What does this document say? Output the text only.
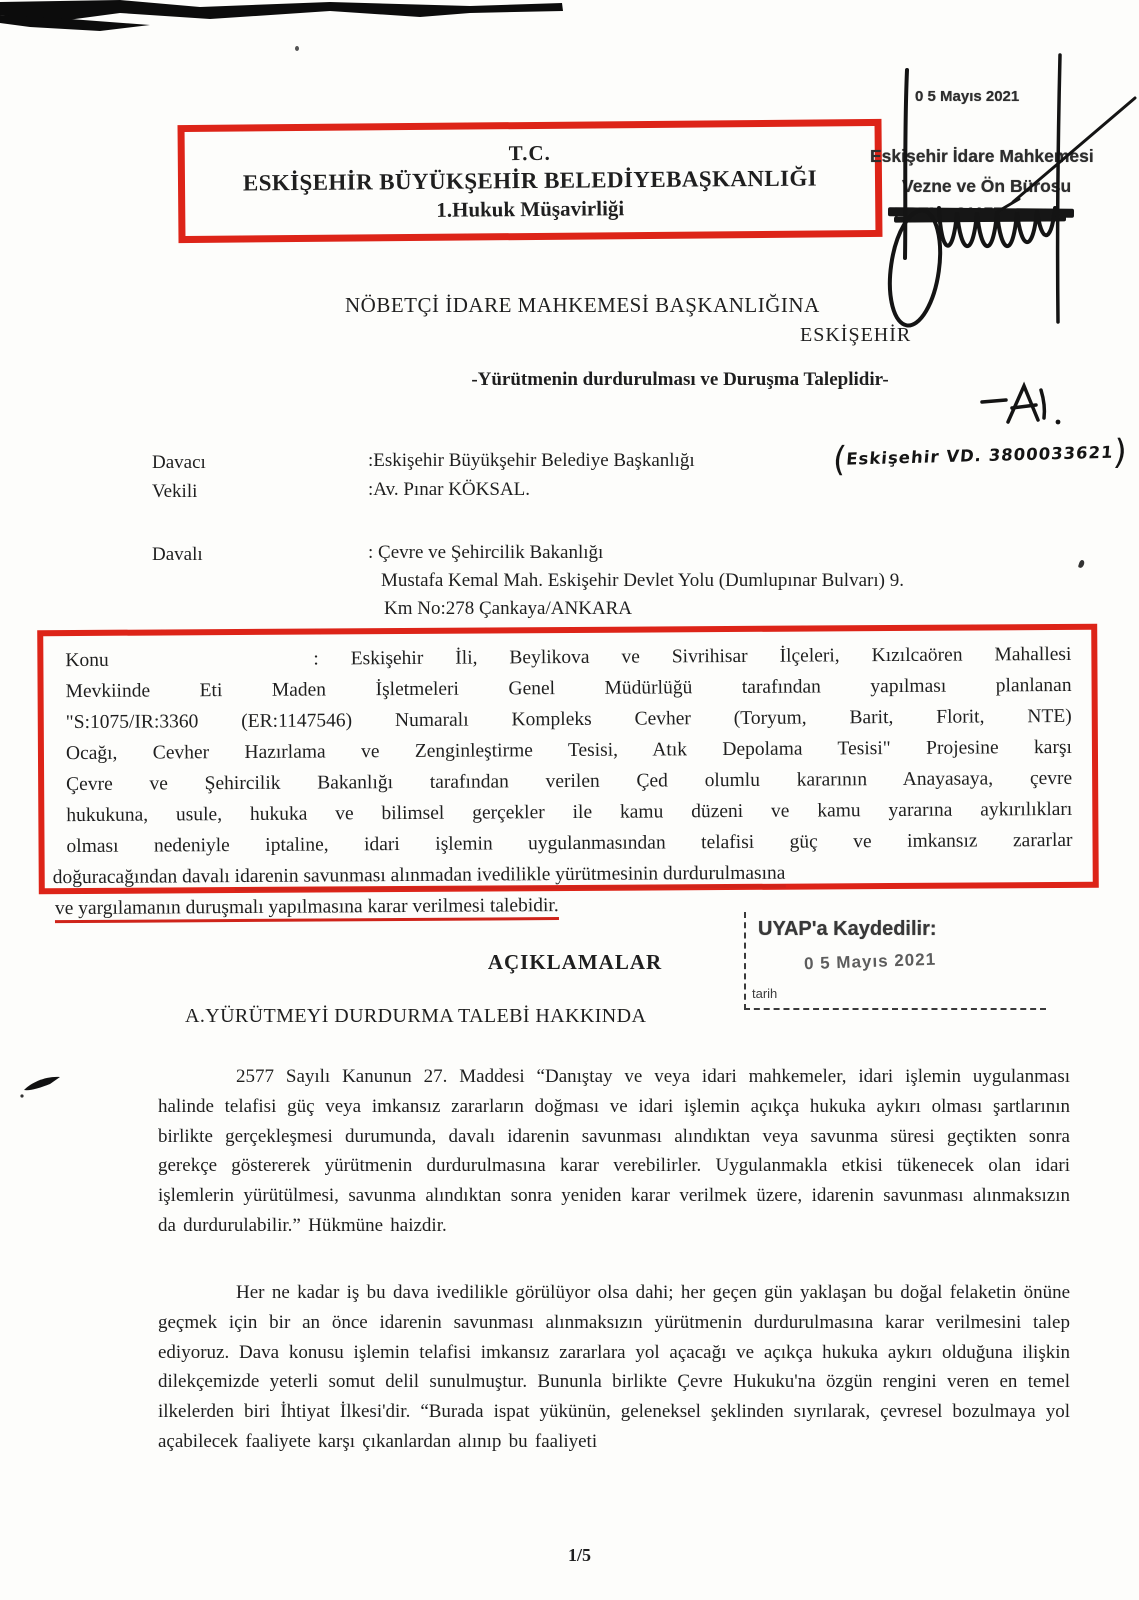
T.C.
ESKİŞEHİR BÜYÜKŞEHİR BELEDİYEBAŞKANLIĞI
1.Hukuk Müşavirliği
0 5 Mayıs 2021
Eskişehir İdare Mahkemesi
Vezne ve Ön Bürosu
NÖBETÇİ İDARE MAHKEMESİ BAŞKANLIĞINA
ESKİŞEHİR
-Yürütmenin durdurulması ve Duruşma Taleplidir-
Davacı	:Eskişehir Büyükşehir Belediye Başkanlığı	(Eskişehir VD. 3800033621)
Vekili	:Av. Pınar KÖKSAL.
Davalı	: Çevre ve Şehircilik Bakanlığı
Mustafa Kemal Mah. Eskişehir Devlet Yolu (Dumlupınar Bulvarı) 9.
Km No:278 Çankaya/ANKARA
Konu	: Eskişehir İli, Beylikova ve Sivrihisar İlçeleri, Kızılcaören Mahallesi
Mevkiinde Eti Maden İşletmeleri Genel Müdürlüğü tarafından yapılması planlanan
"S:1075/IR:3360 (ER:1147546) Numaralı Kompleks Cevher (Toryum, Barit, Florit, NTE)
Ocağı, Cevher Hazırlama ve Zenginleştirme Tesisi, Atık Depolama Tesisi" Projesine karşı
Çevre ve Şehircilik Bakanlığı tarafından verilen Çed olumlu kararının Anayasaya, çevre
hukukuna, usule, hukuka ve bilimsel gerçekler ile kamu düzeni ve kamu yararına aykırılıkları
olması nedeniyle iptaline, idari işlemin uygulanmasından telafisi güç ve imkansız zararlar
doğuracağından davalı idarenin savunması alınmadan ivedilikle yürütmesinin durdurulmasına
ve yargılamanın duruşmalı yapılmasına karar verilmesi talebidir.
UYAP'a Kaydedilir:
0 5 Mayıs 2021
tarih
AÇIKLAMALAR
A.YÜRÜTMEYİ DURDURMA TALEBİ HAKKINDA
2577 Sayılı Kanunun 27. Maddesi “Danıştay ve veya idari mahkemeler, idari işlemin uygulanması halinde telafisi güç veya imkansız zararların doğması ve idari işlemin açıkça hukuka aykırı olması şartlarının birlikte gerçekleşmesi durumunda, davalı idarenin savunması alındıktan veya savunma süresi geçtikten sonra gerekçe göstererek yürütmenin durdurulmasına karar verebilirler. Uygulanmakla etkisi tükenecek olan idari işlemlerin yürütülmesi, savunma alındıktan sonra yeniden karar verilmek üzere, idarenin savunması alınmaksızın da durdurulabilir.” Hükmüne haizdir.
Her ne kadar iş bu dava ivedilikle görülüyor olsa dahi; her geçen gün yaklaşan bu doğal felaketin önüne geçmek için bir an önce idarenin savunması alınmaksızın yürütmenin durdurulmasına karar verilmesini talep ediyoruz. Dava konusu işlemin telafisi imkansız zararlara yol açacağı ve açıkça hukuka aykırı olduğuna ilişkin dilekçemizde yeterli somut delil sunulmuştur. Bununla birlikte Çevre Hukuku'na özgün rengini veren en temel ilkelerden biri İhtiyat İlkesi'dir. “Burada ispat yükünün, geleneksel şeklinden sıyrılarak, çevresel bozulmaya yol açabilecek faaliyete karşı çıkanlardan alınıp bu faaliyeti
1/5
